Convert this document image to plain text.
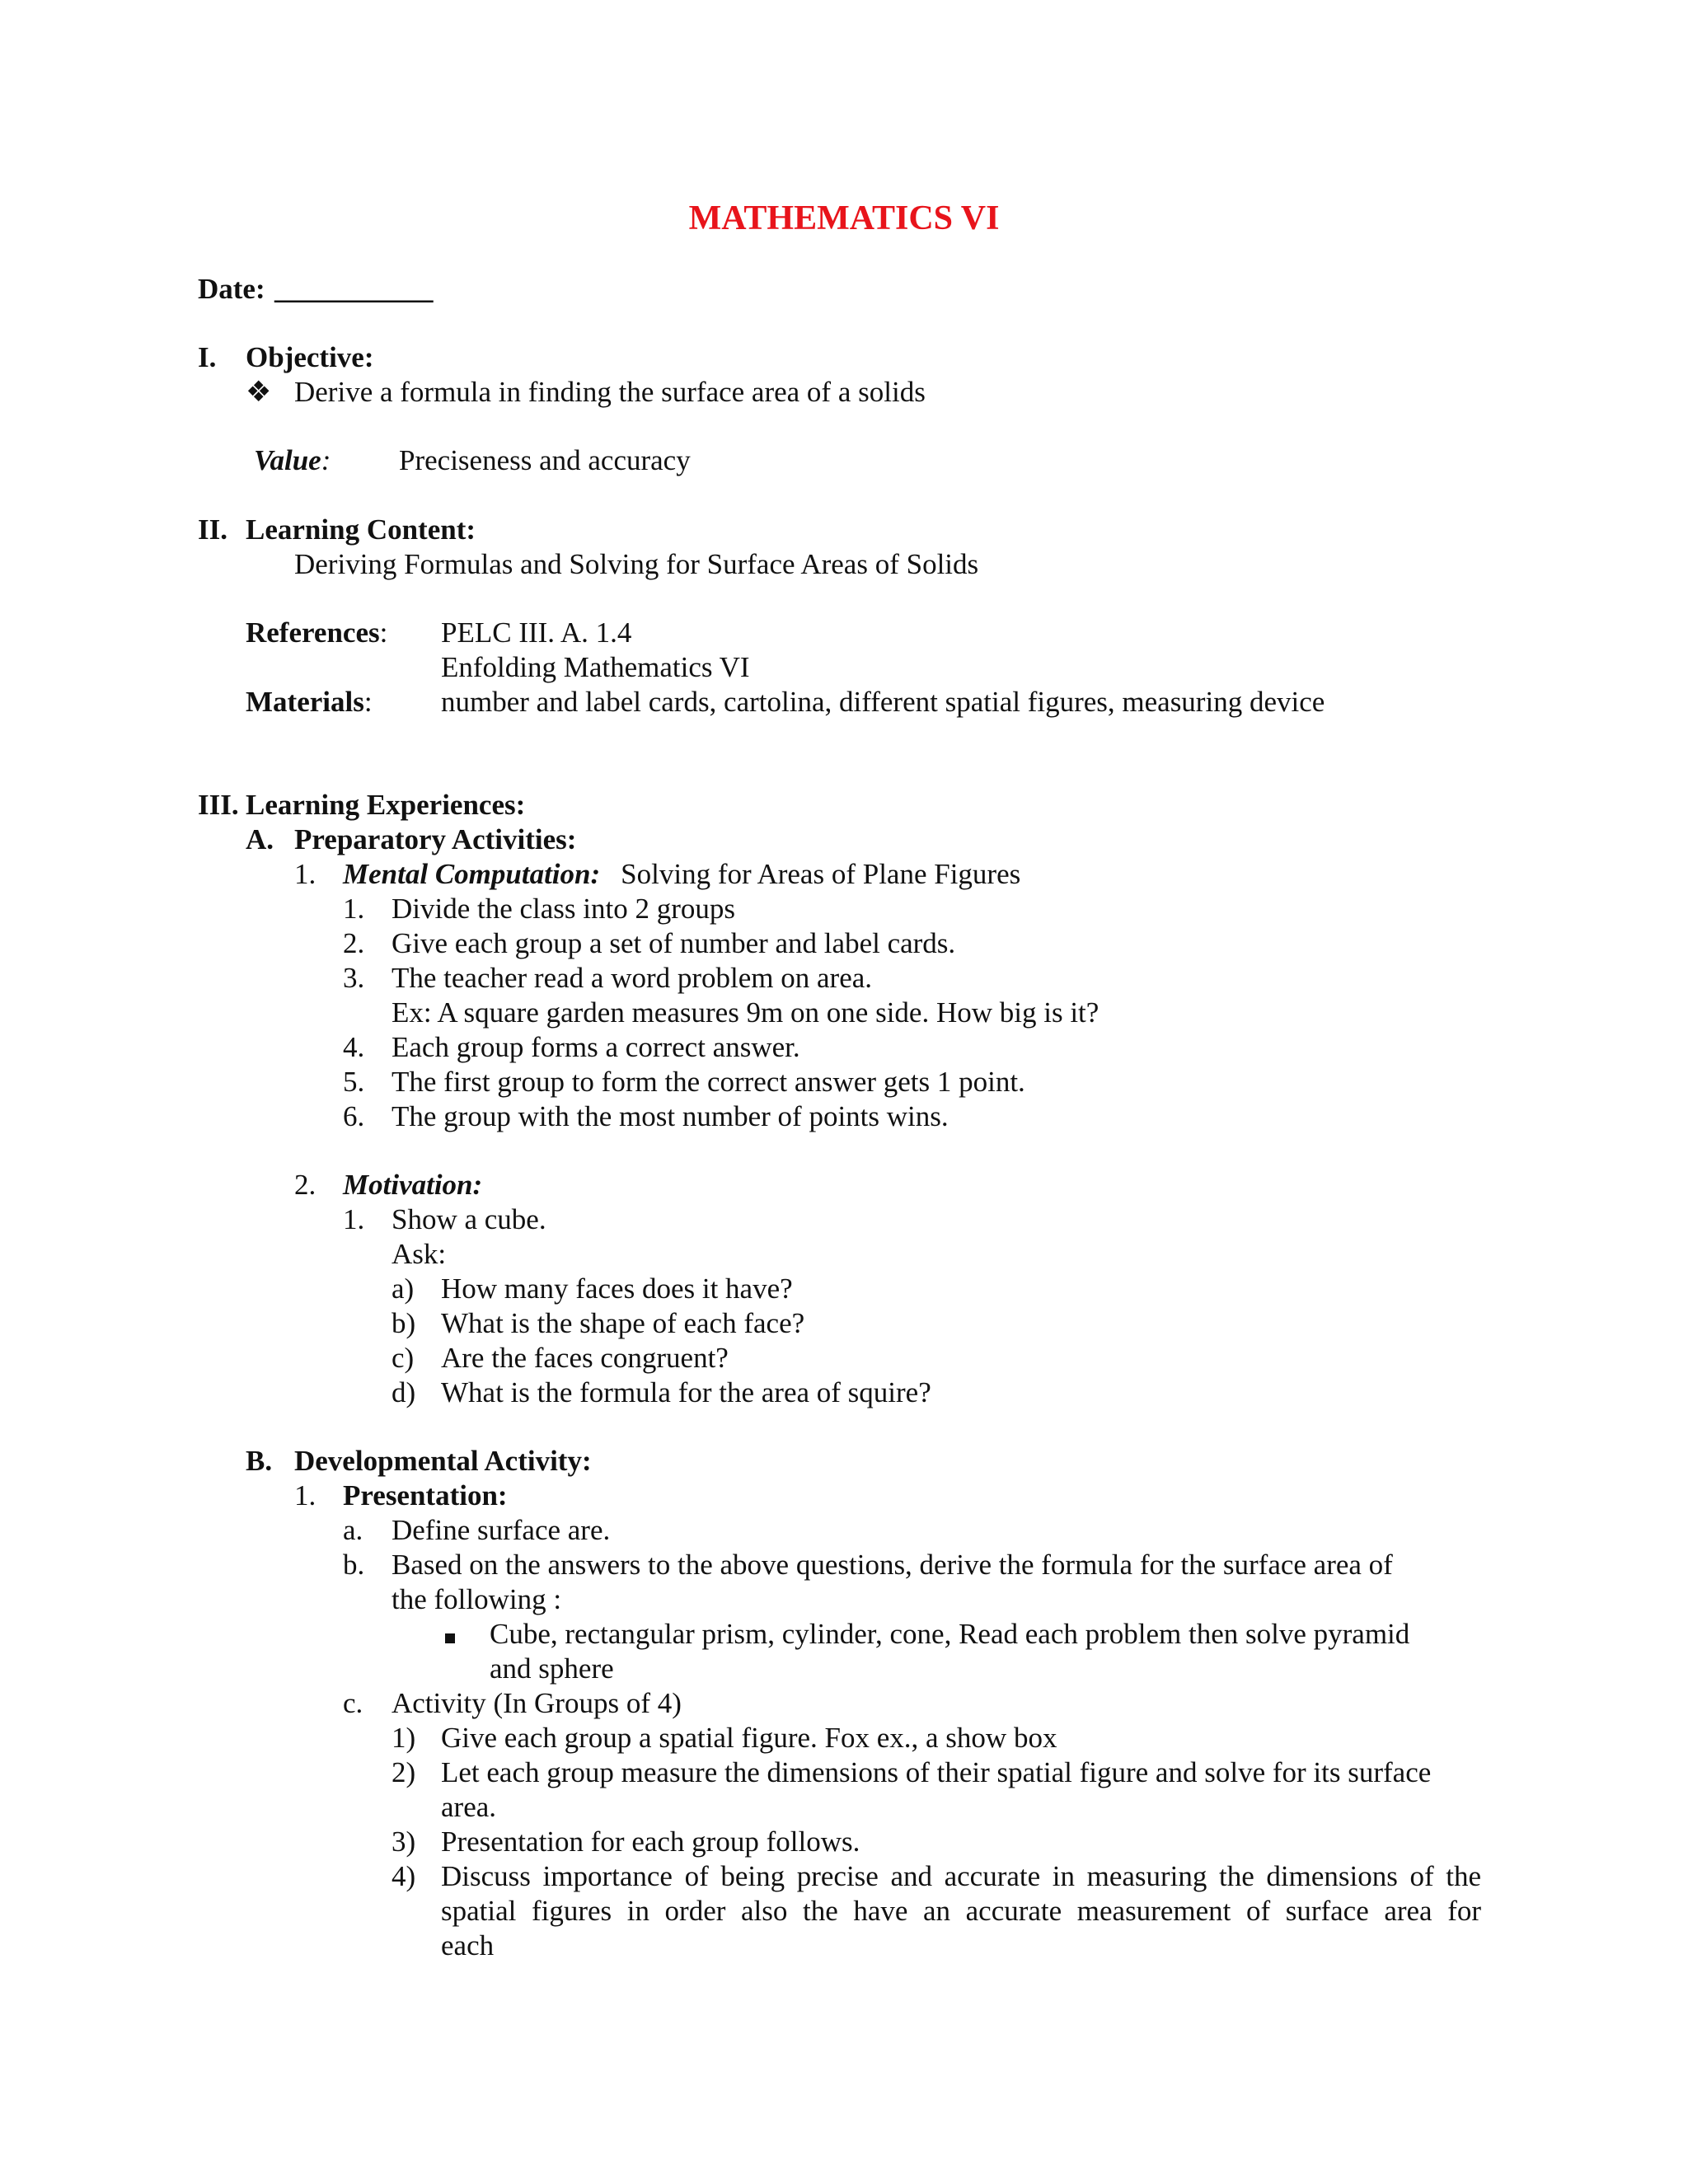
MATHEMATICS VI
Date: ___________
I. Objective:
❖ Derive a formula in finding the surface area of a solids
Value: Preciseness and accuracy
II. Learning Content:
Deriving Formulas and Solving for Surface Areas of Solids
References: PELC III. A. 1.4
Enfolding Mathematics VI
Materials: number and label cards, cartolina, different spatial figures, measuring device
III. Learning Experiences:
A. Preparatory Activities:
1. Mental Computation: Solving for Areas of Plane Figures
1. Divide the class into 2 groups
2. Give each group a set of number and label cards.
3. The teacher read a word problem on area.
Ex: A square garden measures 9m on one side. How big is it?
4. Each group forms a correct answer.
5. The first group to form the correct answer gets 1 point.
6. The group with the most number of points wins.
2. Motivation:
1. Show a cube.
Ask:
a) How many faces does it have?
b) What is the shape of each face?
c) Are the faces congruent?
d) What is the formula for the area of squire?
B. Developmental Activity:
1. Presentation:
a. Define surface are.
b. Based on the answers to the above questions, derive the formula for the surface area of
the following :
Cube, rectangular prism, cylinder, cone, Read each problem then solve pyramid
and sphere
c. Activity (In Groups of 4)
1) Give each group a spatial figure. Fox ex., a show box
2) Let each group measure the dimensions of their spatial figure and solve for its surface
area.
3) Presentation for each group follows.
4) Discuss importance of being precise and accurate in measuring the dimensions of the
spatial figures in order also the have an accurate measurement of surface area for
each
